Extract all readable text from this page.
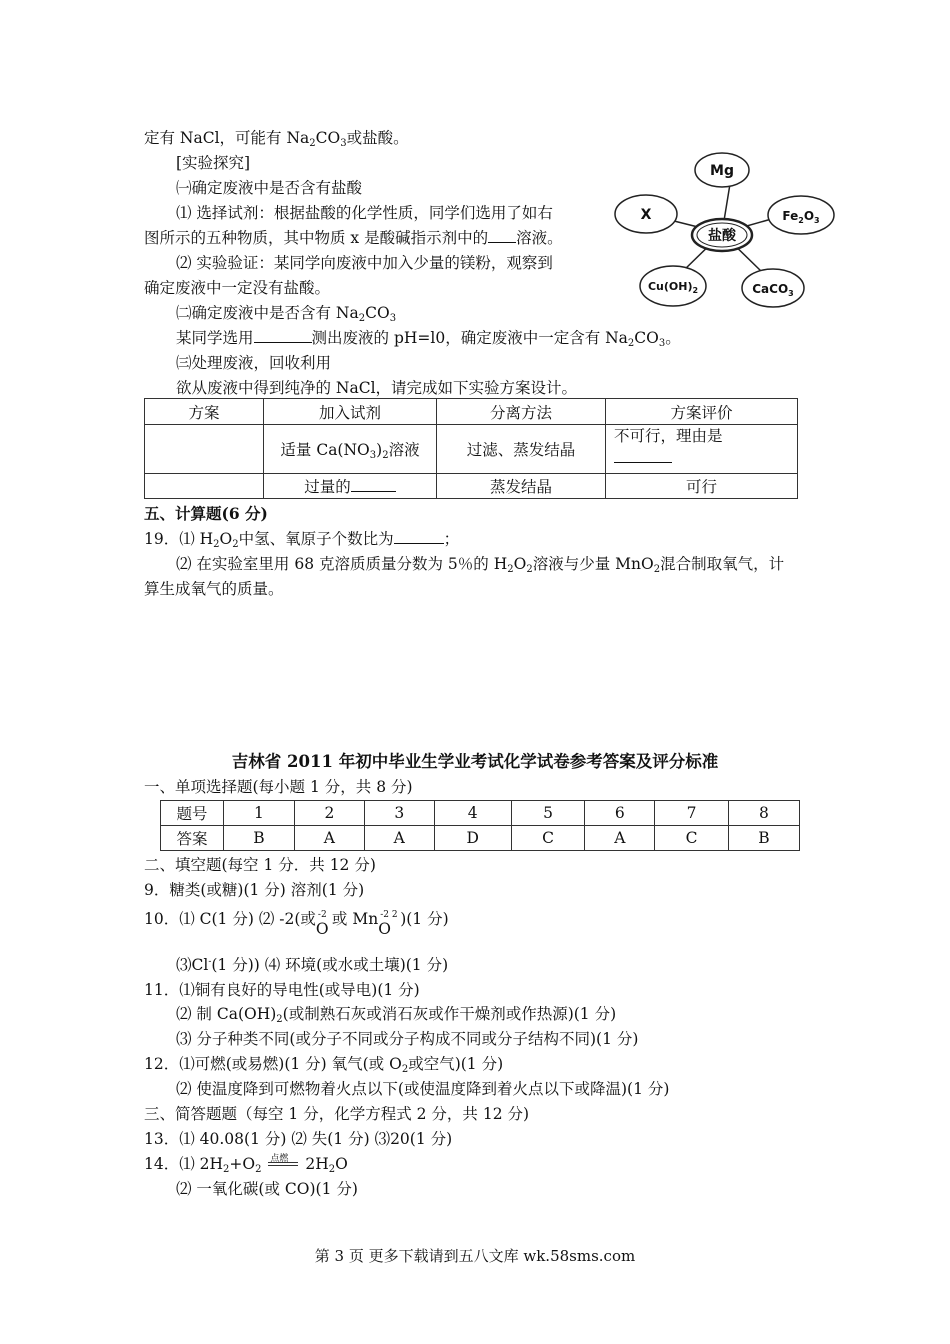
定有 NaCl，可能有 $Na_2CO_3$或盐酸。
[实验探究]
㈠确定废液中是否含有盐酸
⑴ 选择试剂：根据盐酸的化学性质，同学们选用了如右
图所示的五种物质，其中物质 x 是酸碱指示剂中的 溶液。
⑵ 实验验证：某同学向废液中加入少量的镁粉，观察到
确定废液中一定没有盐酸。
㈡确定废液中是否含有 $Na_2CO_3$
某同学选用	测出废液的 pH=l0，确定废液中一定含有 $Na_2CO_3$。
㈢处理废液，回收利用
欲从废液中得到纯净的 NaCl，请完成如下实验方案设计。
Mg
X	$Fe_2O_3$
$Cu(OH)_2$	CaCO$_3$
盐酸
方案	加入试剂	分离方法	方案评价
	适量 $Ca(NO_3)_2$溶液	过滤、蒸发结晶	不可行，理由是

	过量的	蒸发结晶	可行
五、计算题(6 分)
19．⑴ $H_2O_2$中氢、氧原子个数比为	；
⑵ 在实验室里用 68 克溶质质量分数为 5％的 $H_2O_2$溶液与少量 MnO$_2$混合制取氧气，计
算生成氧气的质量。
吉林省 2011 年初中毕业生学业考试化学试卷参考答案及评分标准
一、单项选择题(每小题 1 分，共 8 分)
题号	1	2	3	4	5	6	7	8
答案	B	A	A	D	C	A	C	B
二、填空题(每空 1 分．共 12 分)
9．糖类(或糖)(1 分) 溶剂(1 分)
10．⑴ C(1 分) ⑵ -2(或 -2
O
或 Mn -2 2
O
)(1 分)
⑶Cl-(1 分)) ⑷ 环境(或水或土壤)(1 分)
11．⑴铜有良好的导电性(或导电)(1 分)
⑵ 制 $Ca(OH)_2$(或制熟石灰或消石灰或作干燥剂或作热源)(1 分)
⑶ 分子种类不同(或分子不同或分子构成不同或分子结构不同)(1 分)
12．⑴可燃(或易燃)(1 分) 氧气(或 $O_2$或空气)(1 分)
⑵ 使温度降到可燃物着火点以下(或使温度降到着火点以下或降温)(1 分)
三、简答题题（每空 1 分，化学方程式 2 分，共 12 分)
13．⑴ 40.08(1 分) ⑵ 失(1 分) ⑶20(1 分)
14．⑴ $2H_2+O_2$
点燃 $2H_2O$
⑵ 一氧化碳(或 CO)(1 分)
第 3 页 更多下载请到五八文库 wk.58sms.com
